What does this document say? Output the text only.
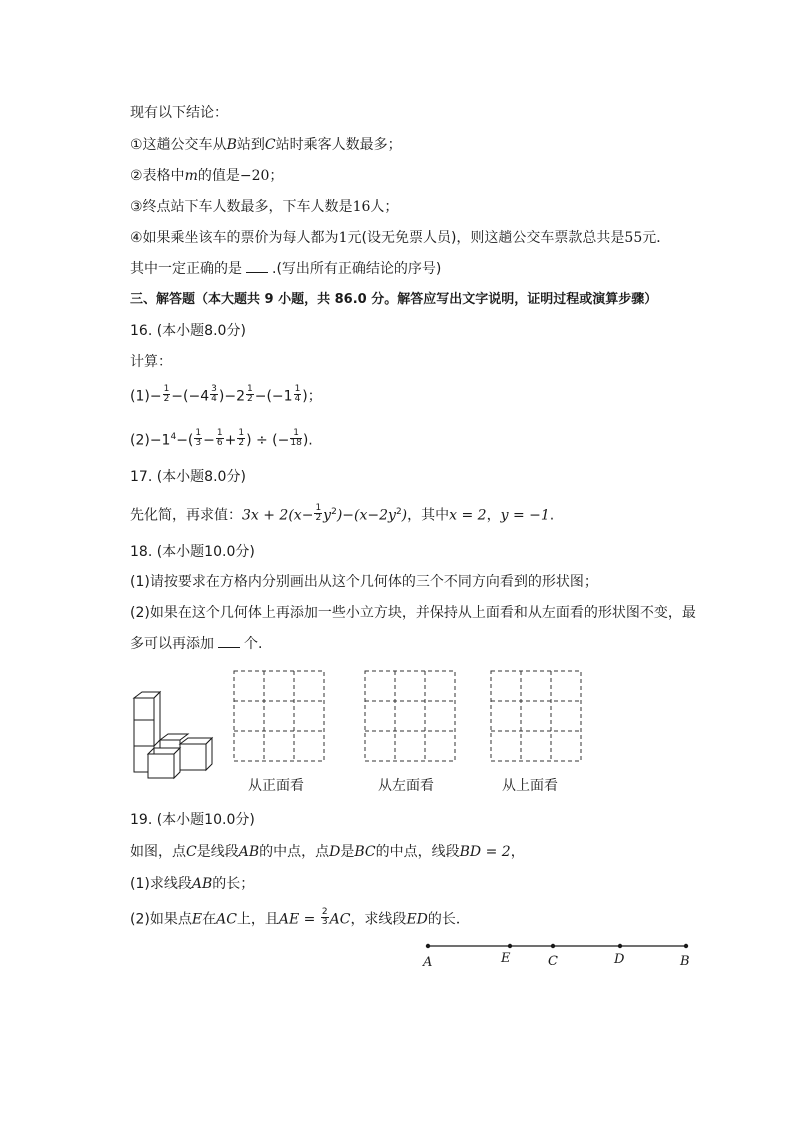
现有以下结论：
①这趟公交车从B站到C站时乘客人数最多；
②表格中m的值是−20；
③终点站下车人数最多，下车人数是16人；
④如果乘坐该车的票价为每人都为1元(设无免票人员)，则这趟公交车票款总共是55元．
其中一定正确的是 .(写出所有正确结论的序号)
三、解答题（本大题共 9 小题，共 86.0 分。解答应写出文字说明，证明过程或演算步骤）
16. (本小题8.0分)
计算：
$(1)- \frac{1}{2} -(-4 \frac{3}{4} )-2 \frac{1}{2} -(-1 \frac{1}{4}$ )；
$(2)-1^4-( \frac{1}{3} - \frac{1}{6} + \frac{1}{2}$ ) ÷ (− $\frac{1}{18}$ ).
17. (本小题8.0分)
先化简，再求值：$3x + 2(x- \frac{1}{2} y^2)-(x-2y^2)$，其中x = 2，y = −1.
18. (本小题10.0分)
(1)请按要求在方格内分别画出从这个几何体的三个不同方向看到的形状图；
(2)如果在这个几何体上再添加一些小立方块，并保持从上面看和从左面看的形状图不变，最
多可以再添加 个.
从正面看	从左面看	从上面看
19. (本小题10.0分)
如图，点C是线段AB的中点，点D是BC的中点，线段BD = 2，
(1)求线段AB的长；
(2)如果点E在AC上，且AE = $\frac{2}{3}$ AC，求线段ED的长．
A	E	C	D	B
